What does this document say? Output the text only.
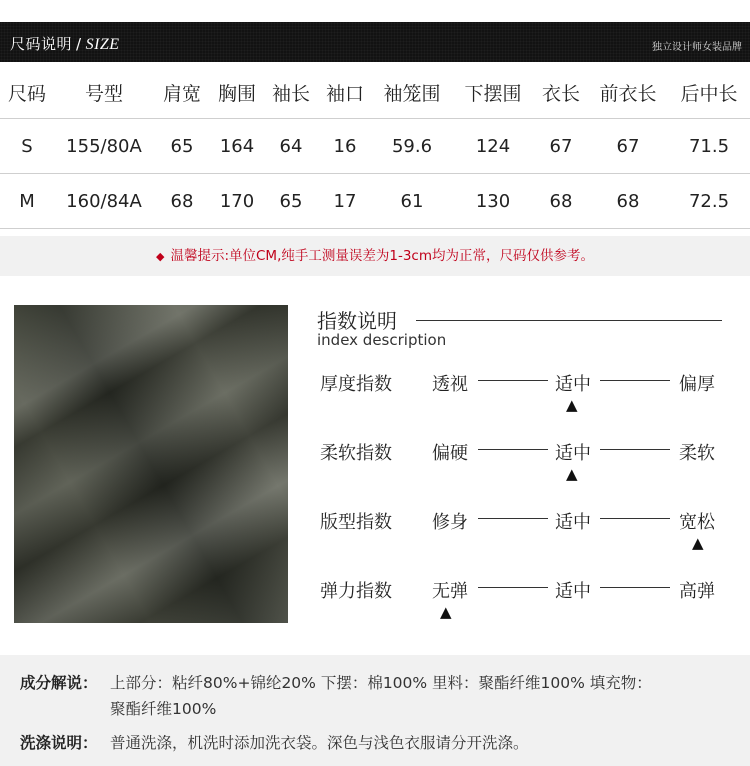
尺码说明 / SIZE	独立设计师女装品牌
尺码	号型	肩宽	胸围	袖长	袖口	袖笼围	下摆围	衣长	前衣长	后中长
S	155/80A	65	164	64	16	59.6	124	67	67	71.5
M	160/84A	68	170	65	17	61	130	68	68	72.5
◆ 温馨提示:单位CM,纯手工测量误差为1-3cm均为正常，尺码仅供参考。
指数说明
index description
厚度指数 透视	适中	偏厚
▲
柔软指数 偏硬	适中	柔软
▲
版型指数 修身	适中	宽松
▲
弹力指数 无弹	适中	高弹
▲
成分解说： 上部分：粘纤80%+锦纶20% 下摆：棉100% 里料：聚酯纤维100% 填充物：
聚酯纤维100%
洗涤说明： 普通洗涤，机洗时添加洗衣袋。深色与浅色衣服请分开洗涤。
